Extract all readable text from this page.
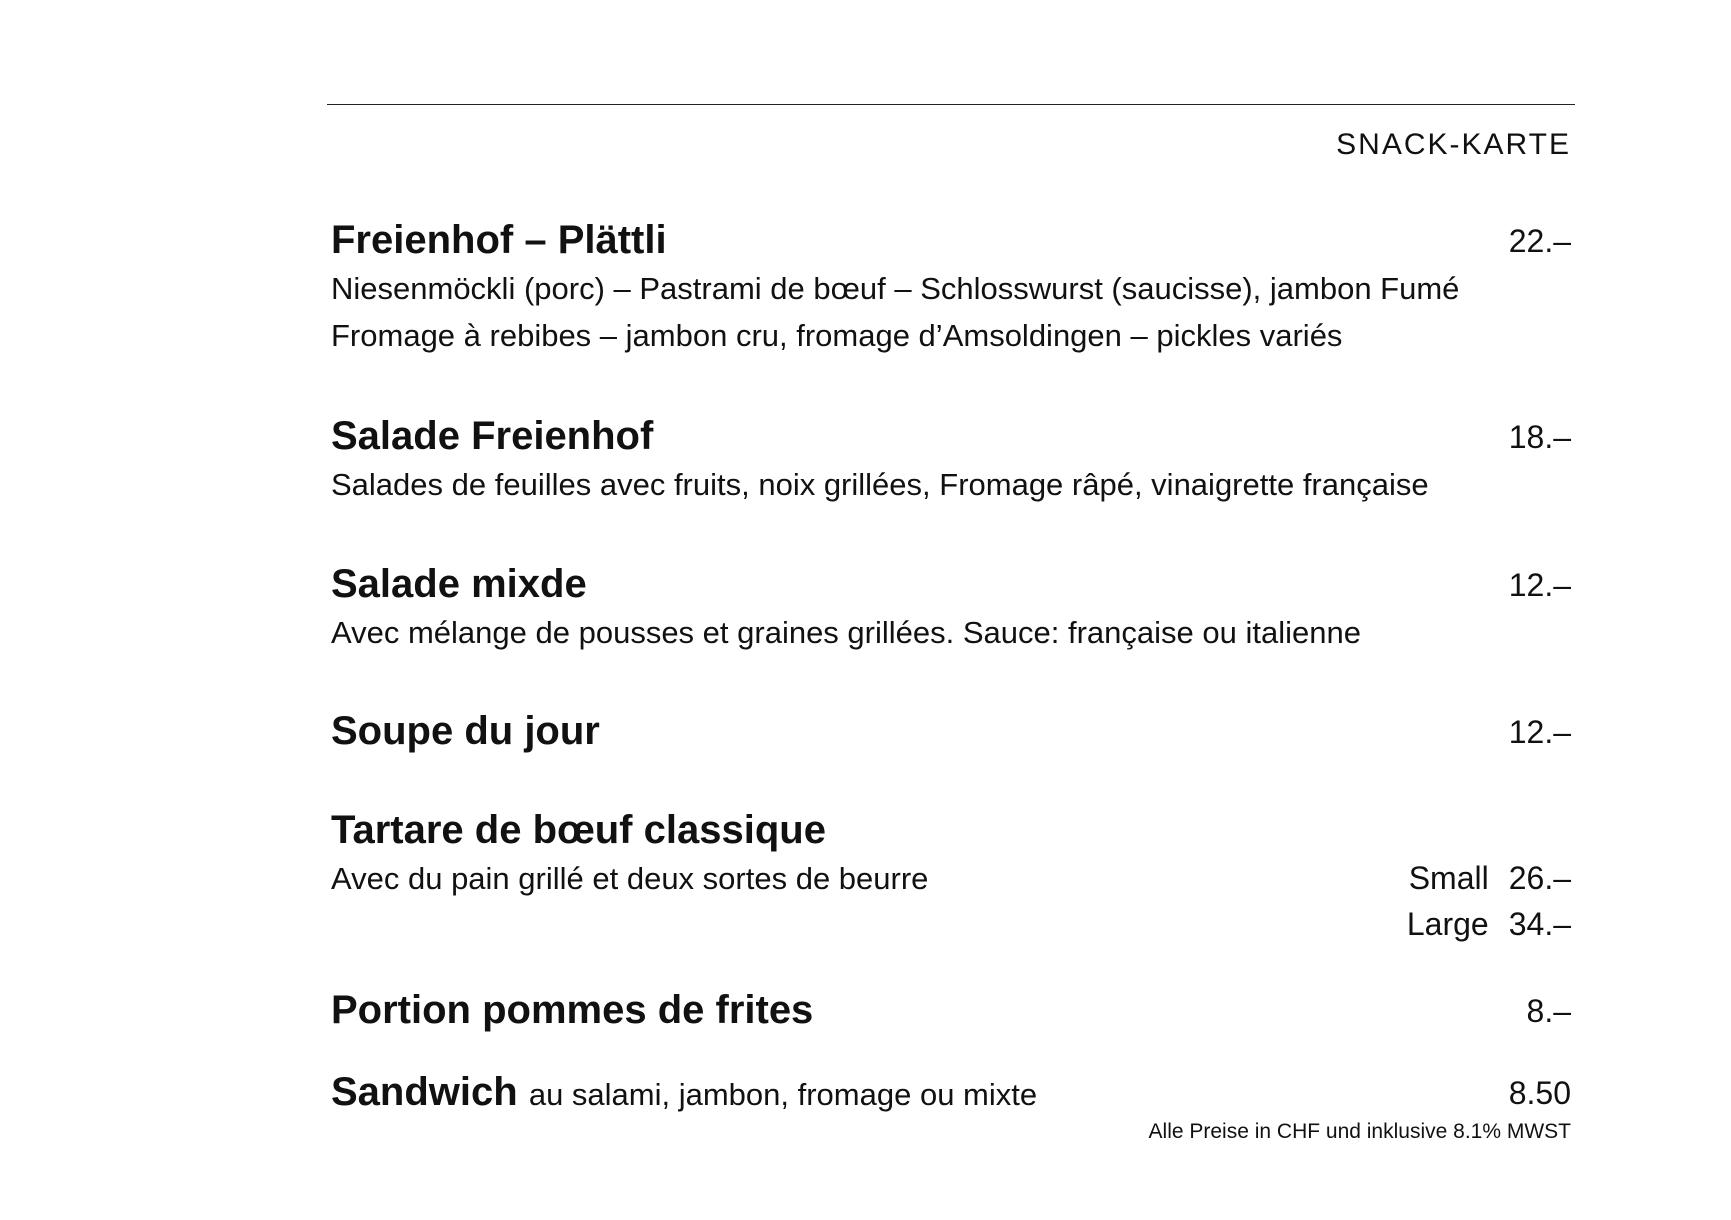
SNACK-KARTE
Freienhof – Plättli	22.–
Niesenmöckli (porc) – Pastrami de bœuf – Schlosswurst (saucisse), jambon Fumé
Fromage à rebibes – jambon cru, fromage d’Amsoldingen – pickles variés
Salade Freienhof	18.–
Salades de feuilles avec fruits, noix grillées, Fromage râpé, vinaigrette française
Salade mixde	12.–
Avec mélange de pousses et graines grillées. Sauce: française ou italienne
Soupe du jour	12.–
Tartare de bœuf classique
Avec du pain grillé et deux sortes de beurre	Small 26.–
Large 34.–
Portion pommes de frites	8.–
Sandwich au salami, jambon, fromage ou mixte	8.50
Alle Preise in CHF und inklusive 8.1% MWST
